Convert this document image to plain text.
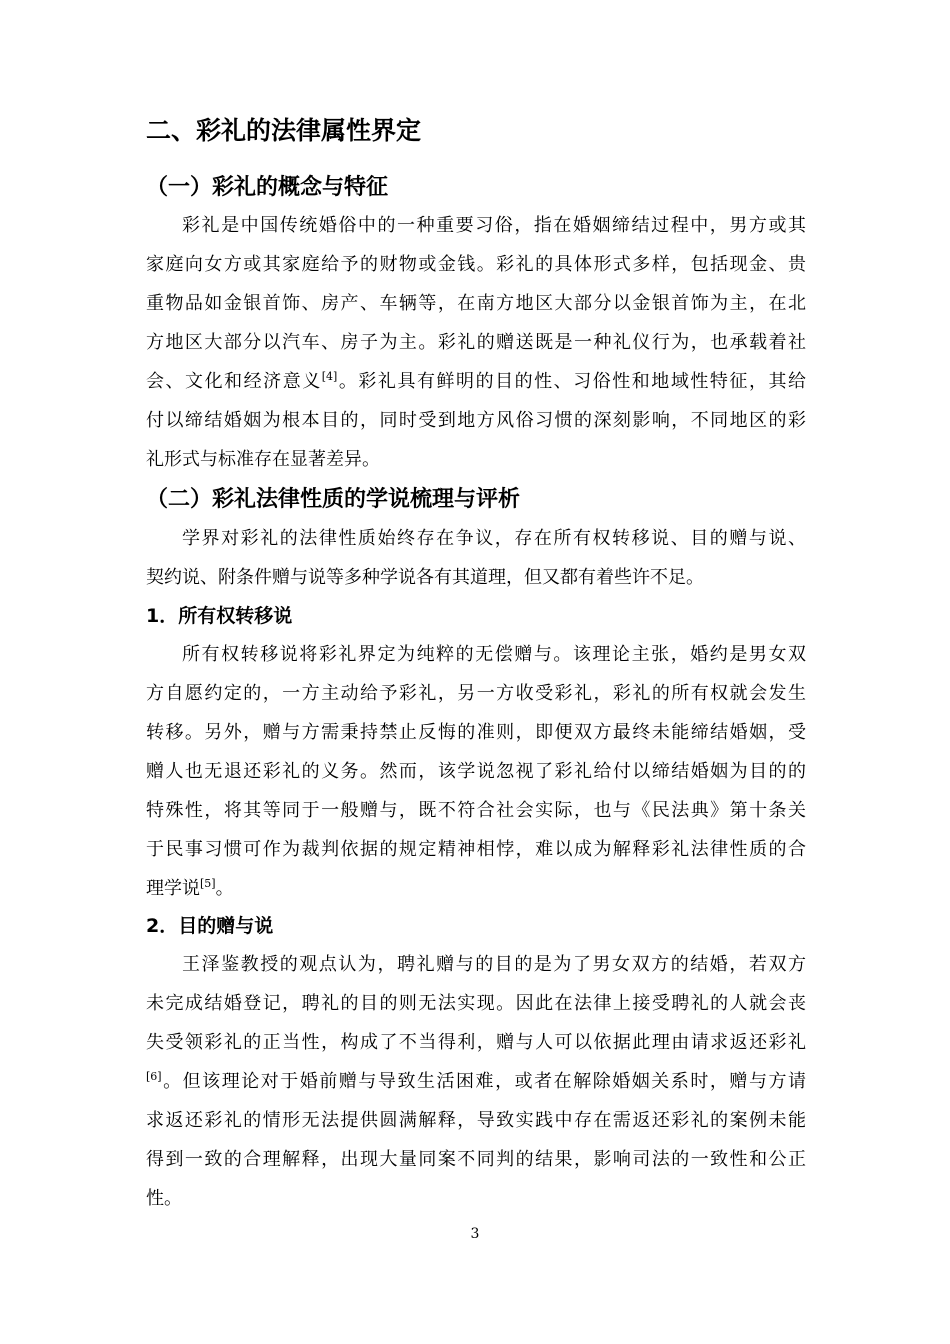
二、彩礼的法律属性界定
（一）彩礼的概念与特征
彩礼是中国传统婚俗中的一种重要习俗，指在婚姻缔结过程中，男方或其
家庭向女方或其家庭给予的财物或金钱。彩礼的具体形式多样，包括现金、贵
重物品如金银首饰、房产、车辆等，在南方地区大部分以金银首饰为主，在北
方地区大部分以汽车、房子为主。彩礼的赠送既是一种礼仪行为，也承载着社
会、文化和经济意义[4]。彩礼具有鲜明的目的性、习俗性和地域性特征，其给
付以缔结婚姻为根本目的，同时受到地方风俗习惯的深刻影响，不同地区的彩
礼形式与标准存在显著差异。
（二）彩礼法律性质的学说梳理与评析
学界对彩礼的法律性质始终存在争议，存在所有权转移说、目的赠与说、
契约说、附条件赠与说等多种学说各有其道理，但又都有着些许不足。
1．所有权转移说
所有权转移说将彩礼界定为纯粹的无偿赠与。该理论主张，婚约是男女双
方自愿约定的，一方主动给予彩礼，另一方收受彩礼，彩礼的所有权就会发生
转移。另外，赠与方需秉持禁止反悔的准则，即便双方最终未能缔结婚姻，受
赠人也无退还彩礼的义务。然而，该学说忽视了彩礼给付以缔结婚姻为目的的
特殊性，将其等同于一般赠与，既不符合社会实际，也与《民法典》第十条关
于民事习惯可作为裁判依据的规定精神相悖，难以成为解释彩礼法律性质的合
理学说[5]。
2．目的赠与说
王泽鉴教授的观点认为，聘礼赠与的目的是为了男女双方的结婚，若双方
未完成结婚登记，聘礼的目的则无法实现。因此在法律上接受聘礼的人就会丧
失受领彩礼的正当性，构成了不当得利，赠与人可以依据此理由请求返还彩礼
[6]。但该理论对于婚前赠与导致生活困难，或者在解除婚姻关系时，赠与方请
求返还彩礼的情形无法提供圆满解释，导致实践中存在需返还彩礼的案例未能
得到一致的合理解释，出现大量同案不同判的结果，影响司法的一致性和公正
性。
3
